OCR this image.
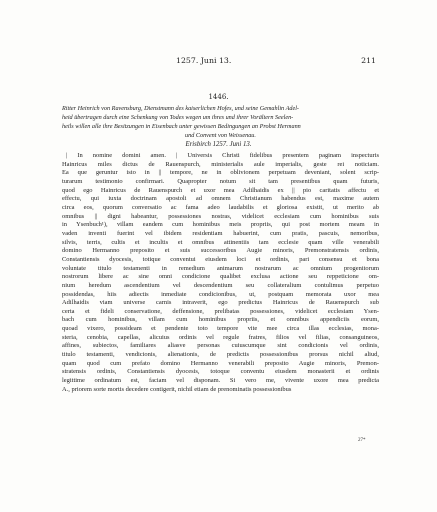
1257. Juni 13.	211
1446.
Ritter Heinrich von Ravensburg, Dienstmann des kaiserlichen Hofes, und seine Gemahlin Adel-
heid übertragen durch eine Schenkung von Todes wegen um ihres und ihrer Vorältern Seelen-
heils willen alle ihre Besitzungen in Eisenbach unter gewissen Bedingungen an Probst Hermann
und Convent von Weissenau.
Erisbirch 1257. Juni 13.
| In nomine domini amen. | Universis Christi fidelibus presentem paginam inspecturis
Hainricus miles dictus de Rauenspurch, ministerialis aule imperialis, geste rei noticiam.
Ea que geruntur isto in || tempore, ne in oblivionem perpetuam deveniant, solent scrip-
turarum testimonio confirmari. Quapropter notum sit tam presentibus quam futuris,
quod ego Hainricus de Rauenspurch et uxor mea Adilhaidis ex || pio caritatis affectu et
effectu, qui iuxta doctrinam apostoli ad omnem Christianum habendus est, maxime autem
circa eos, quorum conversatio ac fama adeo laudabilis et gloriosa existit, ut merito ab
omnibus || digni habeantur, possessiones nostras, videlicet ecclesiam cum hominibus suis
in Ysenbuch¹), villam eandem cum hominibus meis propriis, qui post mortem meam in
vaden inventi fuerint vel ibidem residentiam habuerint, cum pratis, pascuis, nemoribus,
silvis, terris, cultis et incultis et omnibus attinentiis tam ecclesie quam ville venerabili
domino Hermanno preposito et suis successoribus Augie minoris, Premonstratensis ordinis,
Constantiensis dyocesis, totique conventui eiusdem loci et ordinis, pari consensu et bona
voluntate titulo testamenti in remedium animarum nostrarum ac omnium progenitorum
nostrorum libere ac sine omni condicione qualibet exclusa actione seu reppeticione om-
nium heredum ascendentium vel descendentium seu collateralium contulimus perpetuo
possidendas, hiis adiectis inmediate condicionibus, ut, postquam memorata uxor mea
Adilhaidis viam universe carnis intraverit, ego predictus Hainricus de Rauenspurch sub
certa et fideli conservatione, deffensione, prelibatas possessiones, videlicet ecclesiam Ysen-
bach cum hominibus, villam cum hominibus propriis, et omnibus appendiciis eorum,
quoad vixero, possideam et pendente toto tempore vite mee circa illas ecclesias, mona-
steria, cenobia, capellas, alicuius ordinis vel regule fratres, filios vel filias, consanguineos,
affines, subiectos, familiares aliasve personas cuiuscumque sint condicionis vel ordinis,
titulo testamenti, vendicionis, alienationis, de predictis possessionibus prorsus nichil aliud,
quam quod cum prefato domino Hermanno venerabili preposito Augie minoris, Premon-
stratensis ordinis, Constantiensis dyocesis, totoque conventu eiusdem monasterii et ordinis
legittime ordinatum est, faciam vel disponam. Si vero me, vivente uxore mea predicta
A., priorem sorte mortis decedere contigerit, nichil etiam de prenominatis possessionibus
27*
